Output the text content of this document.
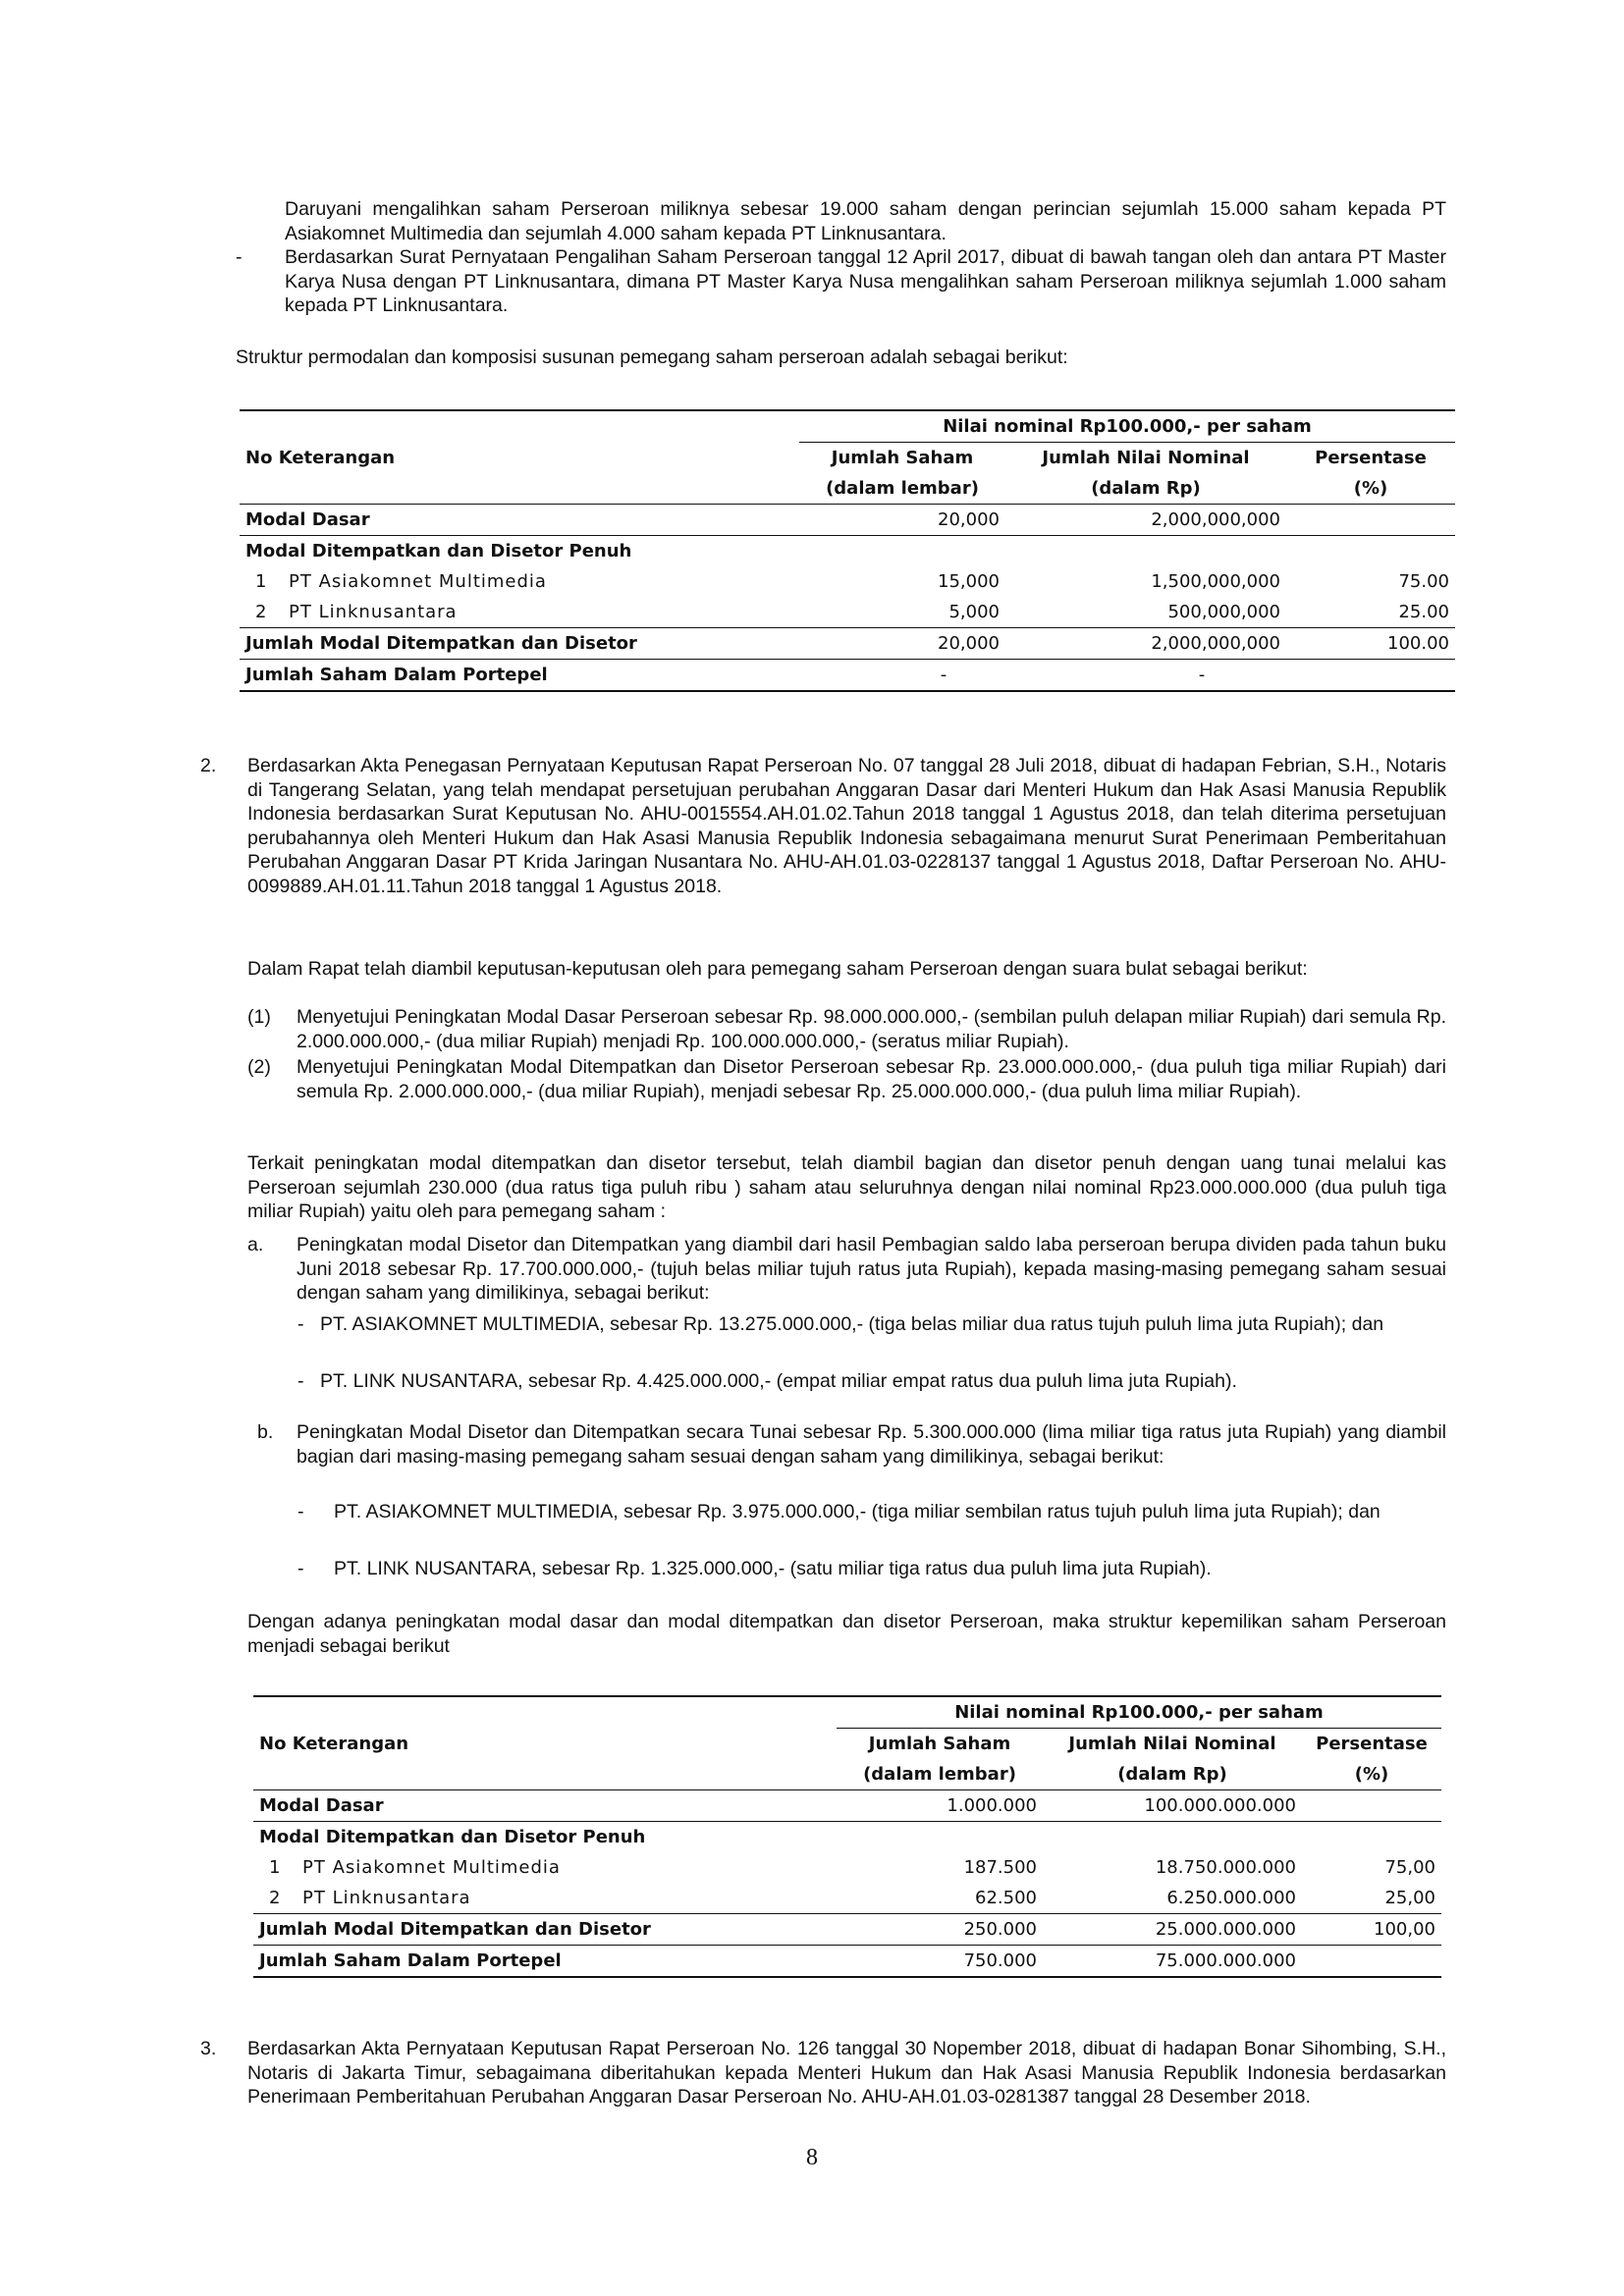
Daruyani mengalihkan saham Perseroan miliknya sebesar 19.000 saham dengan perincian sejumlah 15.000 saham kepada PT Asiakomnet Multimedia dan sejumlah 4.000 saham kepada PT Linknusantara.
- Berdasarkan Surat Pernyataan Pengalihan Saham Perseroan tanggal 12 April 2017, dibuat di bawah tangan oleh dan antara PT Master Karya Nusa dengan PT Linknusantara, dimana PT Master Karya Nusa mengalihkan saham Perseroan miliknya sejumlah 1.000 saham kepada PT Linknusantara.
Struktur permodalan dan komposisi susunan pemegang saham perseroan adalah sebagai berikut:
	Nilai nominal Rp100.000,- per saham		
No Keterangan	Jumlah Saham	Jumlah Nilai Nominal	Persentase
	(dalam lembar)	(dalam Rp)	(%)
Modal Dasar	20,000	2,000,000,000	
Modal Ditempatkan dan Disetor Penuh			
1 PT Asiakomnet Multimedia	15,000	1,500,000,000	75.00
2 PT Linknusantara	5,000	500,000,000	25.00
Jumlah Modal Ditempatkan dan Disetor	20,000	2,000,000,000	100.00
Jumlah Saham Dalam Portepel	-	-	
2. Berdasarkan Akta Penegasan Pernyataan Keputusan Rapat Perseroan No. 07 tanggal 28 Juli 2018, dibuat di hadapan Febrian, S.H., Notaris di Tangerang Selatan, yang telah mendapat persetujuan perubahan Anggaran Dasar dari Menteri Hukum dan Hak Asasi Manusia Republik Indonesia berdasarkan Surat Keputusan No. AHU-0015554.AH.01.02.Tahun 2018 tanggal 1 Agustus 2018, dan telah diterima persetujuan perubahannya oleh Menteri Hukum dan Hak Asasi Manusia Republik Indonesia sebagaimana menurut Surat Penerimaan Pemberitahuan Perubahan Anggaran Dasar PT Krida Jaringan Nusantara No. AHU-AH.01.03-0228137 tanggal 1 Agustus 2018, Daftar Perseroan No. AHU-0099889.AH.01.11.Tahun 2018 tanggal 1 Agustus 2018.
Dalam Rapat telah diambil keputusan-keputusan oleh para pemegang saham Perseroan dengan suara bulat sebagai berikut:
(1) Menyetujui Peningkatan Modal Dasar Perseroan sebesar Rp. 98.000.000.000,- (sembilan puluh delapan miliar Rupiah) dari semula Rp. 2.000.000.000,- (dua miliar Rupiah) menjadi Rp. 100.000.000.000,- (seratus miliar Rupiah).
(2) Menyetujui Peningkatan Modal Ditempatkan dan Disetor Perseroan sebesar Rp. 23.000.000.000,- (dua puluh tiga miliar Rupiah) dari semula Rp. 2.000.000.000,- (dua miliar Rupiah), menjadi sebesar Rp. 25.000.000.000,- (dua puluh lima miliar Rupiah).
Terkait peningkatan modal ditempatkan dan disetor tersebut, telah diambil bagian dan disetor penuh dengan uang tunai melalui kas Perseroan sejumlah 230.000 (dua ratus tiga puluh ribu ) saham atau seluruhnya dengan nilai nominal Rp23.000.000.000 (dua puluh tiga miliar Rupiah) yaitu oleh para pemegang saham :
a. Peningkatan modal Disetor dan Ditempatkan yang diambil dari hasil Pembagian saldo laba perseroan berupa dividen pada tahun buku Juni 2018 sebesar Rp. 17.700.000.000,- (tujuh belas miliar tujuh ratus juta Rupiah), kepada masing-masing pemegang saham sesuai dengan saham yang dimilikinya, sebagai berikut:
- PT. ASIAKOMNET MULTIMEDIA, sebesar Rp. 13.275.000.000,- (tiga belas miliar dua ratus tujuh puluh lima juta Rupiah); dan
- PT. LINK NUSANTARA, sebesar Rp. 4.425.000.000,- (empat miliar empat ratus dua puluh lima juta Rupiah).
b. Peningkatan Modal Disetor dan Ditempatkan secara Tunai sebesar Rp. 5.300.000.000 (lima miliar tiga ratus juta Rupiah) yang diambil bagian dari masing-masing pemegang saham sesuai dengan saham yang dimilikinya, sebagai berikut:
- PT. ASIAKOMNET MULTIMEDIA, sebesar Rp. 3.975.000.000,- (tiga miliar sembilan ratus tujuh puluh lima juta Rupiah); dan
- PT. LINK NUSANTARA, sebesar Rp. 1.325.000.000,- (satu miliar tiga ratus dua puluh lima juta Rupiah).
Dengan adanya peningkatan modal dasar dan modal ditempatkan dan disetor Perseroan, maka struktur kepemilikan saham Perseroan menjadi sebagai berikut
	Nilai nominal Rp100.000,- per saham		
No Keterangan	Jumlah Saham	Jumlah Nilai Nominal	Persentase
	(dalam lembar)	(dalam Rp)	(%)
Modal Dasar	1.000.000	100.000.000.000	
Modal Ditempatkan dan Disetor Penuh			
1 PT Asiakomnet Multimedia	187.500	18.750.000.000	75,00
2 PT Linknusantara	62.500	6.250.000.000	25,00
Jumlah Modal Ditempatkan dan Disetor	250.000	25.000.000.000	100,00
Jumlah Saham Dalam Portepel	750.000	75.000.000.000	
3. Berdasarkan Akta Pernyataan Keputusan Rapat Perseroan No. 126 tanggal 30 Nopember 2018, dibuat di hadapan Bonar Sihombing, S.H., Notaris di Jakarta Timur, sebagaimana diberitahukan kepada Menteri Hukum dan Hak Asasi Manusia Republik Indonesia berdasarkan Penerimaan Pemberitahuan Perubahan Anggaran Dasar Perseroan No. AHU-AH.01.03-0281387 tanggal 28 Desember 2018.
8
